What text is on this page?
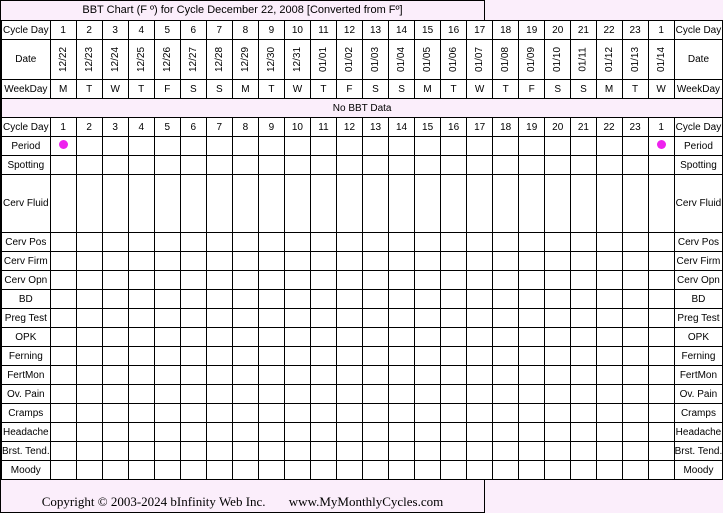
BBT Chart (F º) for Cycle December 22, 2008 [Converted from Fº]
Cycle Day	1	2	3	4	5	6	7	8	9	10	11	12	13	14	15	16	17	18	19	20	21	22	23	1	Cycle Day
Date	12/22	12/23	12/24	12/25	12/26	12/27	12/28	12/29	12/30	12/31	01/01	01/02	01/03	01/04	01/05	01/06	01/07	01/08	01/09	01/10	01/11	01/12	01/13	01/14	Date
WeekDay	M	T	W	T	F	S	S	M	T	W	T	F	S	S	M	T	W	T	F	S	S	M	T	W	WeekDay
No BBT Data																									
Cycle Day	1	2	3	4	5	6	7	8	9	10	11	12	13	14	15	16	17	18	19	20	21	22	23	1	Cycle Day
Period																									Period
Spotting																									Spotting
Cerv Fluid																									Cerv Fluid
Cerv Pos																									Cerv Pos
Cerv Firm																									Cerv Firm
Cerv Opn																									Cerv Opn
BD																									BD
Preg Test																									Preg Test
OPK																									OPK
Ferning																									Ferning
FertMon																									FertMon
Ov. Pain																									Ov. Pain
Cramps																									Cramps
Headache																									Headache
Brst. Tend.																									Brst. Tend.
Moody																									Moody
Copyright © 2003-2024 bInfinity Web Inc. www.MyMonthlyCycles.com
